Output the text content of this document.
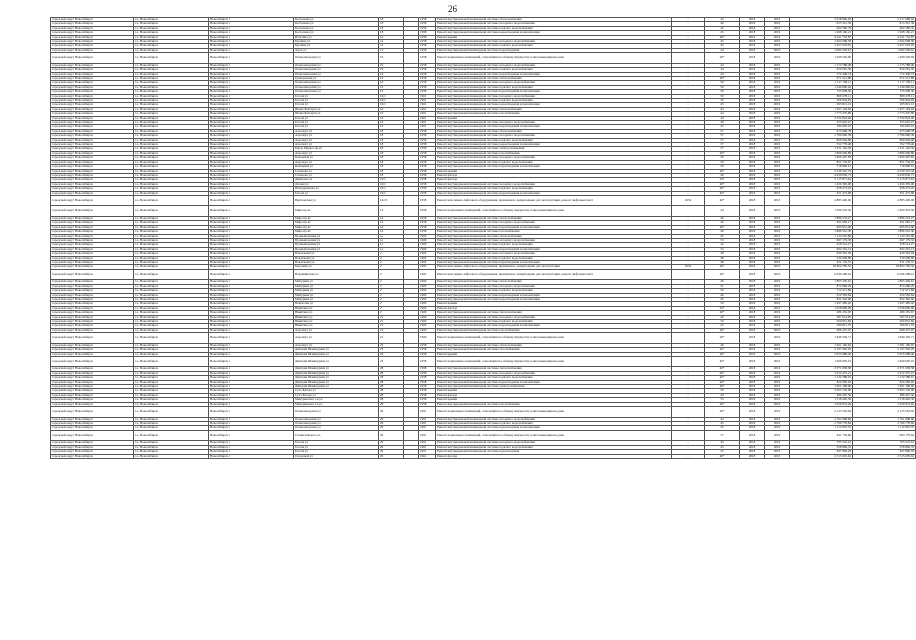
26
городской округ Новосибирск	г.о. Новосибирск	Новосибирск г	Костычева ул	18		1958	Ремонт внутридомовой инженерной системы теплоснабжения	-	45	2018	2019	5 018 966,02	5 417 688,02
городской округ Новосибирск	г.о. Новосибирск	Новосибирск г	Костычева ул	18		1958	Ремонт внутридомовой инженерной системы холодного водоснабжения	-	40	2018	2019	813 312,39	813 312,39
городской округ Новосибирск	г.о. Новосибирск	Новосибирск г	Костычева ул	18		1958	Ремонт внутридомовой инженерной системы горячего водоснабжения	-	42	2018	2019	662 580,76	662 580,76
городской округ Новосибирск	г.о. Новосибирск	Новосибирск г	Костычева ул	18		1958	Ремонт внутридомовой инженерной системы водоотведения и канализации	-	45	2018	2019	1 268 160,21	1 268 160,21
городской округ Новосибирск	г.о. Новосибирск	Новосибирск г	Ватутина ул	14		1958	Ремонт крыши	-	40*	2019	2019	4 241 752,87	4 241 752,87
городской округ Новосибирск	г.о. Новосибирск	Новосибирск г	Бурлина ул	14		1958	Ремонт внутридомовой инженерной системы холодного водоснабжения	-	45	2018	2019	1 062 698,58	1 062 698,58
городской округ Новосибирск	г.о. Новосибирск	Новосибирск г	Бурлина ул	14		1958	Ремонт внутридомовой инженерной системы горячего водоснабжения	-	45	2018	2019	2 457 618,65	2 457 618,65
городской округ Новосибирск	г.о. Новосибирск	Новосибирск г	Зорге ул	15		1958	Ремонт внутридомовой инженерной системы водоотведения	-	44	2018	2019	1 962 529,61	1 962 529,61
городской округ Новосибирск	г.о. Новосибирск	Новосибирск г	Оловозаводская ул	19		1958	Ремонт подвальных помещений, относящихся к общему имуществу в многоквартирном доме	-	40*	2018	2019	1 299 529,69	1 299 529,69
городской округ Новосибирск	г.о. Новосибирск	Новосибирск г	Оловозаводская ул	19		1958	Ремонт внутридомовой инженерной системы холодного водоснабжения	-	44	2018	2019	1 175 788,48	1 175 788,48
городской округ Новосибирск	г.о. Новосибирск	Новосибирск г	Оловозаводская ул	19		1958	Ремонт внутридомовой инженерной системы горячего водоснабжения	-	44	2018	2019	959 281,50	959 281,50
городской округ Новосибирск	г.о. Новосибирск	Новосибирск г	Оловозаводская ул	19		1958	Ремонт внутридомовой инженерной системы водоотведения и канализации	-	44	2018	2019	772 448,73	772 448,73
городской округ Новосибирск	г.о. Новосибирск	Новосибирск г	Гражданская ул	16		1958	Ремонт внутридомовой инженерной системы теплоснабжения	-	40*	2018	2019	672 213,86	672 213,86
городской округ Новосибирск	г.о. Новосибирск	Новосибирск г	Оловозаводская ул	16		1958	Ремонт внутридомовой инженерной системы холодного водоснабжения	-	50	2018	2019	1 117 158,11	1 117 158,11
городской округ Новосибирск	г.о. Новосибирск	Новосибирск г	Оловозаводская ул	16		1958	Ремонт внутридомовой инженерной системы горячего водоснабжения	-	50	2018	2019	1 349 896,62	1 349 896,62
городской округ Новосибирск	г.о. Новосибирск	Новосибирск г	Оловозаводская ул	16		1958	Ремонт внутридомовой инженерной системы водоотведения и канализации	-	50	2018	2019	725 009,36	725 009,36
городской округ Новосибирск	г.о. Новосибирск	Новосибирск г	Гоголя ул	16/1		1961	Ремонт внутридомовой инженерной системы холодного водоснабжения	-	50	2018	2019	808 278,11	808 278,11
городской округ Новосибирск	г.о. Новосибирск	Новосибирск г	Гоголя ул	16/1		1961	Ремонт внутридомовой инженерной системы горячего водоснабжения	-	50	2018	2019	506 944,65	506 944,65
городской округ Новосибирск	г.о. Новосибирск	Новосибирск г	Гоголя ул	16/1		1961	Ремонт внутридомовой инженерной системы водоотведения и канализации	-	45	2018	2019	295 821,12	295 821,12
городской округ Новосибирск	г.о. Новосибирск	Новосибирск г	Шоша Бахтауов ул	16		1961	Ремонт внутридомовой инженерной системы теплоснабжения	-	45	2018	2019	1 207 194,94	1 207 194,94
городской округ Новосибирск	г.о. Новосибирск	Новосибирск г	Шоша Бахтауов ул	16		1961	Ремонт внутридомовой инженерной системы газоснабжения	-	44	2018	2019	1 773 476,89	1 773 476,89
городской округ Новосибирск	г.о. Новосибирск	Новосибирск г	Гоголя ул	16		1961	Ремонт крыши	-	40	2018	2019	2 334 824,46	2 334 824,46
городской округ Новосибирск	г.о. Новосибирск	Новосибирск г	Гоголя ул	16		1961	Ремонт внутридомовой инженерной системы холодного водоснабжения	-	40	2018	2019	355 625,27	355 625,27
городской округ Новосибирск	г.о. Новосибирск	Новосибирск г	Гоголя ул	16		1961	Ремонт внутридомовой инженерной системы водоотведения и канализации	-	45	2018	2019	184 695,16	184 695,16
городской округ Новосибирск	г.о. Новосибирск	Новосибирск г	Аэропорт ул	18		1958	Ремонт внутридомовой инженерной системы теплоснабжения	-	57	2018	2019	675 698,78	675 698,78
городской округ Новосибирск	г.о. Новосибирск	Новосибирск г	Аэропорт ул	18		1958	Ремонт внутридомовой инженерной системы холодного водоснабжения	-	57	2018	2019	1 786 960,39	1 786 960,39
городской округ Новосибирск	г.о. Новосибирск	Новосибирск г	Аэропорт ул	18		1958	Ремонт внутридомовой инженерной системы горячего водоснабжения	-	57	2018	2019	809 994,68	809 994,68
городской округ Новосибирск	г.о. Новосибирск	Новосибирск г	Аэропорт ул	18		1958	Ремонт внутридомовой инженерной системы водоотведения и канализации	-	57	2018	2019	552 778,46	552 778,46
городской округ Новосибирск	г.о. Новосибирск	Новосибирск г	Карла Маркса пр-кт	18		1958	Ремонт внутридомовой инженерной системы электроснабжения	-	57	2018	2019	1 251 162,59	1 251 162,59
городской округ Новосибирск	г.о. Новосибирск	Новосибирск г	Аэропорт ул	18		1958	Ремонт внутридомовой инженерной системы газоснабжения	-	40*	2018	2019	1 806 606,80	1 806 606,80
городской округ Новосибирск	г.о. Новосибирск	Новосибирск г	Кольцевая ул	18		1958	Ремонт внутридомовой инженерной системы холодного водоснабжения	-	50	2018	2019	1 669 497,82	1 669 497,82
городской округ Новосибирск	г.о. Новосибирск	Новосибирск г	Аэропорт ул	18		1958	Ремонт внутридомовой инженерной системы горячего водоснабжения	-	50	2018	2019	851 754,07	851 754,07
городской округ Новосибирск	г.о. Новосибирск	Новосибирск г	Кольцевая ул	18		1958	Ремонт внутридомовой инженерной системы водоотведения и канализации	-	50	2018	2019	718 990,61	718 990,61
городской округ Новосибирск	г.о. Новосибирск	Новосибирск г	Сеченова ул	18		1958	Ремонт крыши	-	40*	2018	2019	2 239 525,76	2 239 525,76
городской округ Новосибирск	г.о. Новосибирск	Новосибирск г	Сеченова ул	18		1958	Ремонт фасада	-	46	2018	2019	4 639 836,71	4 639 836,71
городской округ Новосибирск	г.о. Новосибирск	Новосибирск г	Дмитрова ул	19/1		1958	Ремонт фасада	-	29*	2018	2019	5 115 871,64	5 115 871,64
городской округ Новосибирск	г.о. Новосибирск	Новосибирск г	Лесная ул	19/1		1958	Ремонт внутридомовой инженерной системы холодного водоснабжения	-	40*	2018	2019	1 456 395,00	1 456 395,00
городской округ Новосибирск	г.о. Новосибирск	Новосибирск г	Ипподромская ул	19/1		1958	Ремонт внутридомовой инженерной системы горячего водоснабжения	-	40*	2018	2019	658 273,45	658 273,45
городской округ Новосибирск	г.о. Новосибирск	Новосибирск г	Гоголя ул	19/1		1958	Ремонт внутридомовой инженерной системы водоотведения и канализации	-	40*	2018	2019	651 473,68	651 473,68
городской округ Новосибирск	г.о. Новосибирск	Новосибирск г	Вертковская ул	14/13		1958	Ремонт или замена лифтового оборудования, признанного непригодным для эксплуатации, ремонт лифтовых шахт	4552	40*	2018	2019	4 885 400,00	4 885 400,00
городской округ Новосибирск	г.о. Новосибирск	Новосибирск г	Мира пр-кт	14		1958	Ремонт подвальных помещений, относящихся к общему имуществу в многоквартирном доме	-	44	2018	2019	1 260 453,56	1 260 453,56
городской округ Новосибирск	г.о. Новосибирск	Новосибирск г	Мира пр-кт	14		1958	Ремонт внутридомовой инженерной системы теплоснабжения	-	46	2018	2019	1 886 233,27	1 886 233,27
городской округ Новосибирск	г.о. Новосибирск	Новосибирск г	Мира пр-кт	14		1958	Ремонт внутридомовой инженерной системы холодного водоснабжения	-	46	2018	2019	461 082,17	461 082,17
городской округ Новосибирск	г.о. Новосибирск	Новосибирск г	Мира пр-кт	14		1958	Ремонт внутридомовой инженерной системы водоотведения и канализации	-	40*	2018	2019	695 831,06	695 831,06
городской округ Новосибирск	г.о. Новосибирск	Новосибирск г	Мира пр-кт	14		1958	Ремонт внутридомовой инженерной системы газоснабжения	-	46	2018	2019	1 886 561,30	1 886 561,30
городской округ Новосибирск	г.о. Новосибирск	Новосибирск г	Промышленная ул	1а		1960	Ремонт внутридомовой инженерной системы теплоснабжения	-	45	2018	2019	1 124 591,86	1 124 591,86
городской округ Новосибирск	г.о. Новосибирск	Новосибирск г	Промышленная ул	1а		1960	Ремонт внутридомовой инженерной системы холодного водоснабжения	-	53	2018	2019	697 179,33	697 179,33
городской округ Новосибирск	г.о. Новосибирск	Новосибирск г	Промышленная ул	1а		1960	Ремонт внутридомовой инженерной системы горячего водоснабжения	-	42	2018	2019	458 514,27	458 514,27
городской округ Новосибирск	г.о. Новосибирск	Новосибирск г	Промышленная ул	1а		1960	Ремонт внутридомовой инженерной системы водоотведения и канализации	-	53	2018	2019	602 291,13	602 291,13
городской округ Новосибирск	г.о. Новосибирск	Новосибирск г	Вокзальная ул	2		1962	Ремонт внутридомовой инженерной системы холодного водоснабжения	-	48	2018	2019	630 391,04	630 391,04
городской округ Новосибирск	г.о. Новосибирск	Новосибирск г	Вокзальная ул	2		1962	Ремонт внутридомовой инженерной системы горячего водоснабжения	-	48	2018	2019	534 609,89	534 609,89
городской округ Новосибирск	г.о. Новосибирск	Новосибирск г	Вокзальная ул	2		1962	Ремонт внутридомовой инженерной системы водоотведения и канализации	-	48	2018	2019	451 176,57	451 176,57
городской округ Новосибирск	г.о. Новосибирск	Новосибирск г	Королёва ул	2		1962	Ремонт или замена лифтового оборудования, признанного непригодным для эксплуатации	4552	40*	2018	2019	18 864 785,56	18 864 785,56
городской округ Новосибирск	г.о. Новосибирск	Новосибирск г	Владимирская ул	2		1962	Ремонт или замена лифтового оборудования, признанного непригодным для эксплуатации, ремонт лифтовых шахт	-	40*	2018	2019	6 046 298,61	6 046 298,61
городской округ Новосибирск	г.о. Новосибирск	Новосибирск г	Мичурина ул	2		1960	Ремонт внутридомовой инженерной системы теплоснабжения	-	46	2018	2019	1 865 436,61	1 865 436,61
городской округ Новосибирск	г.о. Новосибирск	Новосибирск г	Мичурина ул	2		1960	Ремонт внутридомовой инженерной системы холодного водоснабжения	-	51	2018	2019	874 086,29	874 086,29
городской округ Новосибирск	г.о. Новосибирск	Новосибирск г	Мичурина ул	2		1960	Ремонт внутридомовой инженерной системы горячего водоснабжения	-	50	2018	2019	712 471,86	712 471,86
городской округ Новосибирск	г.о. Новосибирск	Новосибирск г	Мичурина ул	2		1960	Ремонт внутридомовой инженерной системы водоотведения и канализации	-	46	2018	2019	250 583,84	250 583,84
городской округ Новосибирск	г.о. Новосибирск	Новосибирск г	Мичурина ул	2		1960	Ремонт внутридомовой инженерной системы водоотведения и канализации	-	45	2018	2019	852 362,60	852 362,60
городской округ Новосибирск	г.о. Новосибирск	Новосибирск г	Некрасова ул	2		1960	Ремонт крыши	-	50	2018	2019	1 297 485,42	1 297 485,42
городской округ Новосибирск	г.о. Новосибирск	Новосибирск г	Никитина ул	2		1960	Ремонт фасада	-	50*	2018	2019	1 058 806,00	1 058 806,00
городской округ Новосибирск	г.о. Новосибирск	Новосибирск г	Никитина ул	2		1960	Ремонт внутридомовой инженерной системы теплоснабжения	-	40*	2018	2019	486 181,67	486 181,67
городской округ Новосибирск	г.о. Новосибирск	Новосибирск г	Никитина ул	21		1960	Ремонт внутридомовой инженерной системы холодного водоснабжения	-	40	2018	2019	587 014,95	587 014,95
городской округ Новосибирск	г.о. Новосибирск	Новосибирск г	Никитина ул	21		1960	Ремонт внутридомовой инженерной системы горячего водоснабжения	-	50	2018	2019	560 831,84	560 831,84
городской округ Новосибирск	г.о. Новосибирск	Новосибирск г	Никитина ул	21		1960	Ремонт внутридомовой инженерной системы водоотведения и канализации	-	45	2018	2019	396 811,76	396 811,76
городской округ Новосибирск	г.о. Новосибирск	Новосибирск г	Аэропорт ул	21		1960	Ремонт внутридомовой инженерной системы газоснабжения	-	40*	2018	2019	686 437,07	686 437,07
городской округ Новосибирск	г.о. Новосибирск	Новосибирск г	Аэропорт ул	21		1960	Ремонт подвальных помещений, относящихся к общему имуществу в многоквартирном доме	-	40*	2018	2019	1 849 336,71	1 849 336,71
городской округ Новосибирск	г.о. Новосибирск	Новосибирск г	Аэропорт ул	23		1958	Ремонт внутридомовой инженерной системы теплоснабжения	-	40	2018	2019	1 561 160,65	1 561 160,65
городской округ Новосибирск	г.о. Новосибирск	Новосибирск г	Дмитрия Шамшурина ул	23		1958	Ремонт внутридомовой инженерной системы газоснабжения	-	40*	2018	2019	2 197 902,26	2 197 902,26
городской округ Новосибирск	г.о. Новосибирск	Новосибирск г	Дмитрия Шамшурина ул	23		1958	Ремонт крыши	-	40*	2019	2019	5 655 988,40	5 655 988,40
городской округ Новосибирск	г.о. Новосибирск	Новосибирск г	Дмитрия Шамшурина ул	23		1958	Ремонт подвальных помещений, относящихся к общему имуществу в многоквартирном доме	-	40*	2018	2019	1 669 020,19	1 669 020,19
городской округ Новосибирск	г.о. Новосибирск	Новосибирск г	Дмитрия Шамшурина ул	28		1958	Ремонт внутридомовой инженерной системы теплоснабжения	-	40*	2018	2019	2 571 658,58	2 571 658,58
городской округ Новосибирск	г.о. Новосибирск	Новосибирск г	Дмитрия Шамшурина ул	28		1958	Ремонт внутридомовой инженерной системы холодного водоснабжения	-	40*	2018	2019	1 012 475,21	1 012 475,21
городской округ Новосибирск	г.о. Новосибирск	Новосибирск г	Дмитрия Шамшурина ул	28		1958	Ремонт внутридомовой инженерной системы горячего водоснабжения	-	40*	2018	2019	1 132 588,91	1 132 588,91
городской округ Новосибирск	г.о. Новосибирск	Новосибирск г	Дмитрия Шамшурина ул	28		1958	Ремонт внутридомовой инженерной системы водоотведения и канализации	-	40*	2018	2019	820 285,92	820 285,92
городской округ Новосибирск	г.о. Новосибирск	Новосибирск г	Дмитрия Шамшурина ул	28		1958	Ремонт внутридомовой инженерной системы электроснабжения	-	40*	2018	2019	1 961 308,00	1 961 308,00
городской округ Новосибирск	г.о. Новосибирск	Новосибирск г	Сухэ-Батора ул	28		1958	Ремонт крыши	-	50	2018	2019	5 003 136,00	5 003 136,00
городской округ Новосибирск	г.о. Новосибирск	Новосибирск г	Сухэ-Батора ул	28		1958	Ремонт фасада	-	40	2018	2019	486 467,50	486 467,50
городской округ Новосибирск	г.о. Новосибирск	Новосибирск г	Мичуринская 1-я ул	28		1958	Ремонт крыши	-	53	2018	2019	1 518 402,39	1 518 402,39
городской округ Новосибирск	г.о. Новосибирск	Новосибирск г	Мичуринская 1-я ул	28		1958	Ремонт внутридомовой инженерной системы газоснабжения	-	40*	2018	2019	1 659 974,04	1 659 974,04
городской округ Новосибирск	г.о. Новосибирск	Новосибирск г	Оловозаводская ул	29		1961	Ремонт подвальных помещений, относящихся к общему имуществу в многоквартирном доме	-	40*	2018	2019	2 125 563,94	2 125 563,94
городской округ Новосибирск	г.о. Новосибирск	Новосибирск г	Оловозаводская ул	29		1961	Ремонт внутридомовой инженерной системы холодного водоснабжения	-	42	2018	2019	1 761 098,90	1 761 098,90
городской округ Новосибирск	г.о. Новосибирск	Новосибирск г	Оловозаводская ул	29		1961	Ремонт внутридомовой инженерной системы горячего водоснабжения	-	45	2018	2019	2 769 778,84	2 769 778,84
городской округ Новосибирск	г.о. Новосибирск	Новосибирск г	Оловозаводская ул	29		1961	Ремонт внутридомовой инженерной системы водоотведения и канализации	-	45	2018	2019	1 112 825,76	1 112 825,76
городской округ Новосибирск	г.о. Новосибирск	Новосибирск г	Станиславского ул	29		1961	Ремонт подвальных помещений, относящихся к общему имуществу в многоквартирном доме	-	57	2018	2019	641 759,66	693 779,64
городской округ Новосибирск	г.о. Новосибирск	Новосибирск г	Гоголя ул	29		1961	Ремонт внутридомовой инженерной системы холодного водоснабжения	-	45	2018	2019	705 523,61	705 523,61
городской округ Новосибирск	г.о. Новосибирск	Новосибирск г	Гоголя ул	29		1961	Ремонт внутридомовой инженерной системы горячего водоснабжения	-	45	2018	2019	358 896,76	358 896,76
городской округ Новосибирск	г.о. Новосибирск	Новосибирск г	Гоголя ул	29		1961	Ремонт внутридомовой инженерной системы водоотведения	-	45	2018	2019	697 866,03	697 866,03
городской округ Новосибирск	г.о. Новосибирск	Новосибирск г	Городской ул	29		1961	Ремонт фасада	-	40*	2018	2019	2 515 605,62	2 515 605,62
